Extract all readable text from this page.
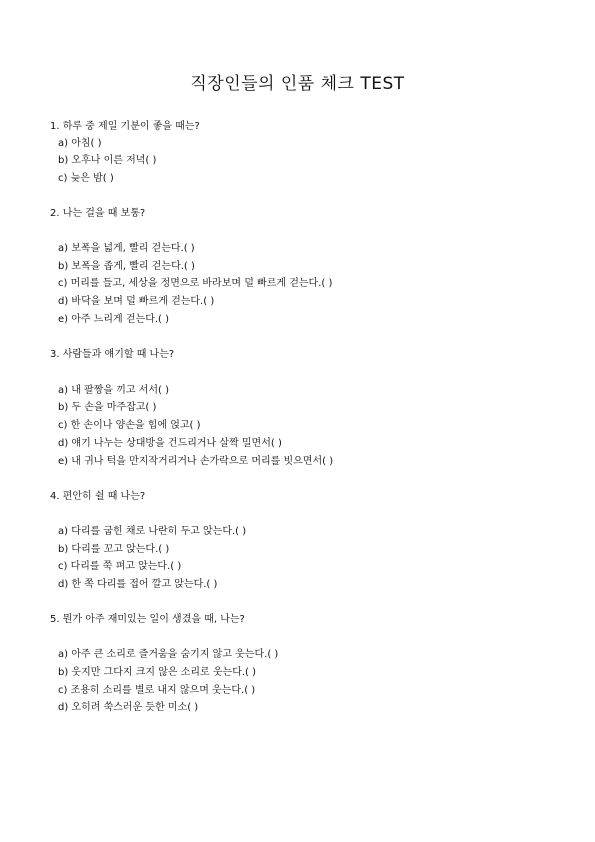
직장인들의 인품 체크 TEST

1. 하루 중 제일 기분이 좋을 때는?

a) 아침( )

b) 오후나 이른 저녁( )

c) 늦은 밤( )

2. 나는 걸을 때 보통?

a) 보폭을 넓게, 빨리 걷는다.( )

b) 보폭을 좁게, 빨리 걷는다.( )

c) 머리를 들고, 세상을 정면으로 바라보며 덜 빠르게 걷는다.( )

d) 바닥을 보며 덜 빠르게 걷는다.( )

e) 아주 느리게 걷는다.( )

3. 사람들과 얘기할 때 나는?

a) 내 팔짱을 끼고 서서( )

b) 두 손을 마주잡고( )

c) 한 손이나 양손을 힙에 얹고( )

d) 얘기 나누는 상대방을 건드리거나 살짝 밀면서( )

e) 내 귀나 턱을 만지작거리거나 손가락으로 머리를 빗으면서( )

4. 편안히 쉴 때 나는?

a) 다리를 굽힌 채로 나란히 두고 앉는다.( )

b) 다리를 꼬고 앉는다.( )

c) 다리를 쭉 펴고 앉는다.( )

d) 한 쪽 다리를 접어 깔고 앉는다.( )

5. 뭔가 아주 재미있는 일이 생겼을 때, 나는?

a) 아주 큰 소리로 즐거움을 숨기지 않고 웃는다.( )

b) 웃지만 그다지 크지 않은 소리로 웃는다.( )

c) 조용히 소리를 별로 내지 않으며 웃는다.( )

d) 오히려 쑥스러운 듯한 미소( )
